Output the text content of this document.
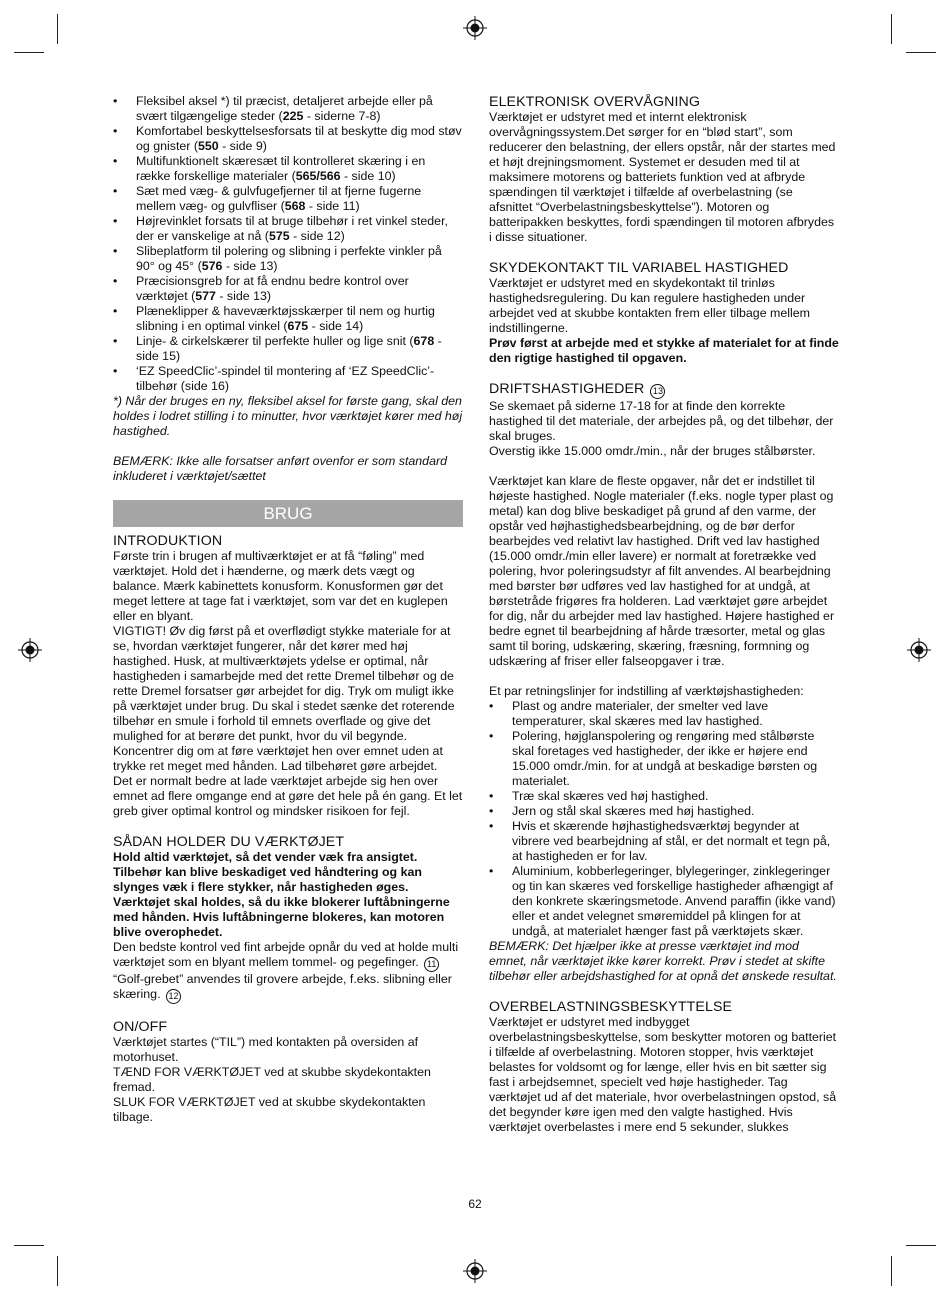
• Fleksibel aksel *) til præcist, detaljeret arbejde eller på svært tilgængelige steder (225 - siderne 7-8)
• Komfortabel beskyttelsesforsats til at beskytte dig mod støv og gnister (550 - side 9)
• Multifunktionelt skæresæt til kontrolleret skæring i en række forskellige materialer (565/566 - side 10)
• Sæt med væg- & gulvfugefjerner til at fjerne fugerne mellem væg- og gulvfliser (568 - side 11)
• Højrevinklet forsats til at bruge tilbehør i ret vinkel steder, der er vanskelige at nå (575 - side 12)
• Slibeplatform til polering og slibning i perfekte vinkler på 90° og 45° (576 - side 13)
• Præcisionsgreb for at få endnu bedre kontrol over værktøjet (577 - side 13)
• Plæneklipper & haveværktøjsskærper til nem og hurtig slibning i en optimal vinkel (675 - side 14)
• Linje- & cirkelskærer til perfekte huller og lige snit (678 - side 15)
• ‘EZ SpeedClic’-spindel til montering af ‘EZ SpeedClic’-tilbehør (side 16)

*) Når der bruges en ny, fleksibel aksel for første gang, skal den holdes i lodret stilling i to minutter, hvor værktøjet kører med høj hastighed.

BEMÆRK: Ikke alle forsatser anført ovenfor er som standard inkluderet i værktøjet/sættet

BRUG
INTRODUKTION

Første trin i brugen af multiværktøjet er at få “føling” med værktøjet. Hold det i hænderne, og mærk dets vægt og balance. Mærk kabinettets konusform. Konusformen gør det meget lettere at tage fat i værktøjet, som var det en kuglepen eller en blyant.

VIGTIGT! Øv dig først på et overflødigt stykke materiale for at se, hvordan værktøjet fungerer, når det kører med høj hastighed. Husk, at multiværktøjets ydelse er optimal, når hastigheden i samarbejde med det rette Dremel tilbehør og de rette Dremel forsatser gør arbejdet for dig. Tryk om muligt ikke på værktøjet under brug. Du skal i stedet sænke det roterende tilbehør en smule i forhold til emnets overflade og give det mulighed for at berøre det punkt, hvor du vil begynde. Koncentrer dig om at føre værktøjet hen over emnet uden at trykke ret meget med hånden. Lad tilbehøret gøre arbejdet.

Det er normalt bedre at lade værktøjet arbejde sig hen over emnet ad flere omgange end at gøre det hele på én gang. Et let greb giver optimal kontrol og mindsker risikoen for fejl.

SÅDAN HOLDER DU VÆRKTØJET

Hold altid værktøjet, så det vender væk fra ansigtet. Tilbehør kan blive beskadiget ved håndtering og kan slynges væk i flere stykker, når hastigheden øges. Værktøjet skal holdes, så du ikke blokerer luftåbningerne med hånden. Hvis luftåbningerne blokeres, kan motoren blive overophedet.

Den bedste kontrol ved fint arbejde opnår du ved at holde multi værktøjet som en blyant mellem tommel- og pegefinger. 11

“Golf-grebet” anvendes til grovere arbejde, f.eks. slibning eller skæring. 12

ON/OFF

Værktøjet startes (“TIL”) med kontakten på oversiden af motorhuset.

TÆND FOR VÆRKTØJET ved at skubbe skydekontakten fremad.

SLUK FOR VÆRKTØJET ved at skubbe skydekontakten tilbage.

ELEKTRONISK OVERVÅGNING

Værktøjet er udstyret med et internt elektronisk overvågningssystem.Det sørger for en “blød start”, som reducerer den belastning, der ellers opstår, når der startes med et højt drejningsmoment. Systemet er desuden med til at maksimere motorens og batteriets funktion ved at afbryde spændingen til værktøjet i tilfælde af overbelastning (se afsnittet “Overbelastningsbeskyttelse”). Motoren og batteripakken beskyttes, fordi spændingen til motoren afbrydes i disse situationer.

SKYDEKONTAKT TIL VARIABEL HASTIGHED

Værktøjet er udstyret med en skydekontakt til trinløs hastighedsregulering. Du kan regulere hastigheden under arbejdet ved at skubbe kontakten frem eller tilbage mellem indstillingerne.

Prøv først at arbejde med et stykke af materialet for at finde den rigtige hastighed til opgaven.

DRIFTSHASTIGHEDER 13

Se skemaet på siderne 17-18 for at finde den korrekte hastighed til det materiale, der arbejdes på, og det tilbehør, der skal bruges.

Overstig ikke 15.000 omdr./min., når der bruges stålbørster.

Værktøjet kan klare de fleste opgaver, når det er indstillet til højeste hastighed. Nogle materialer (f.eks. nogle typer plast og metal) kan dog blive beskadiget på grund af den varme, der opstår ved højhastighedsbearbejdning, og de bør derfor bearbejdes ved relativt lav hastighed. Drift ved lav hastighed (15.000 omdr./min eller lavere) er normalt at foretrække ved polering, hvor poleringsudstyr af filt anvendes. Al bearbejdning med børster bør udføres ved lav hastighed for at undgå, at børstetråde frigøres fra holderen. Lad værktøjet gøre arbejdet for dig, når du arbejder med lav hastighed. Højere hastighed er bedre egnet til bearbejdning af hårde træsorter, metal og glas samt til boring, udskæring, skæring, fræsning, formning og udskæring af friser eller falseopgaver i træ.

Et par retningslinjer for indstilling af værktøjshastigheden:

• Plast og andre materialer, der smelter ved lave temperaturer, skal skæres med lav hastighed.
• Polering, højglanspolering og rengøring med stålbørste skal foretages ved hastigheder, der ikke er højere end 15.000 omdr./min. for at undgå at beskadige børsten og materialet.
• Træ skal skæres ved høj hastighed.
• Jern og stål skal skæres med høj hastighed.
• Hvis et skærende højhastighedsværktøj begynder at vibrere ved bearbejdning af stål, er det normalt et tegn på, at hastigheden er for lav.
• Aluminium, kobberlegeringer, blylegeringer, zinklegeringer og tin kan skæres ved forskellige hastigheder afhængigt af den konkrete skæringsmetode. Anvend paraffin (ikke vand) eller et andet velegnet smøremiddel på klingen for at undgå, at materialet hænger fast på værktøjets skær.

BEMÆRK: Det hjælper ikke at presse værktøjet ind mod emnet, når værktøjet ikke kører korrekt. Prøv i stedet at skifte tilbehør eller arbejdshastighed for at opnå det ønskede resultat.

OVERBELASTNINGSBESKYTTELSE

Værktøjet er udstyret med indbygget overbelastningsbeskyttelse, som beskytter motoren og batteriet i tilfælde af overbelastning. Motoren stopper, hvis værktøjet belastes for voldsomt og for længe, eller hvis en bit sætter sig fast i arbejdsemnet, specielt ved høje hastigheder. Tag værktøjet ud af det materiale, hvor overbelastningen opstod, så det begynder køre igen med den valgte hastighed. Hvis værktøjet overbelastes i mere end 5 sekunder, slukkes

62
